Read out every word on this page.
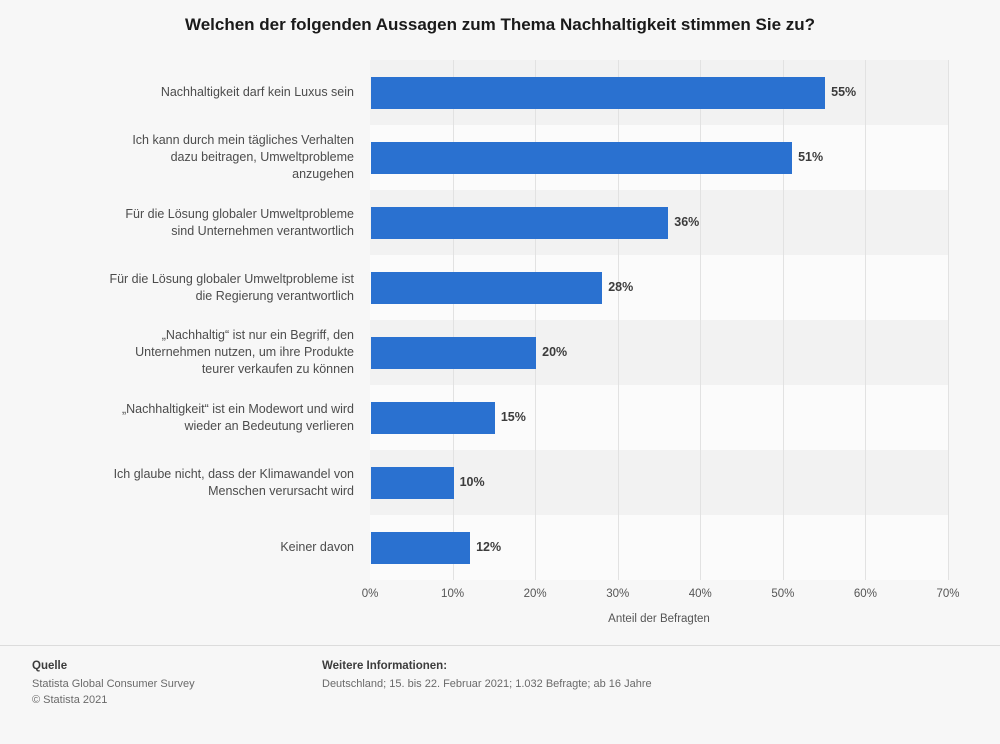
Welchen der folgenden Aussagen zum Thema Nachhaltigkeit stimmen Sie zu?
Nachhaltigkeit darf kein Luxus sein
Ich kann durch mein tägliches Verhalten
dazu beitragen, Umweltprobleme
anzugehen
Für die Lösung globaler Umweltprobleme
sind Unternehmen verantwortlich
Für die Lösung globaler Umweltprobleme ist
die Regierung verantwortlich
„Nachhaltig“ ist nur ein Begriff, den
Unternehmen nutzen, um ihre Produkte
teurer verkaufen zu können
„Nachhaltigkeit“ ist ein Modewort und wird
wieder an Bedeutung verlieren
Ich glaube nicht, dass der Klimawandel von
Menschen verursacht wird
Keiner davon
55%
51%
36%
28%
20%
15%
10%
12%
0%	10%	20%	30%	40%	50%	60%	70%
Anteil der Befragten
Quelle
Statista Global Consumer Survey
© Statista 2021
Weitere Informationen:
Deutschland; 15. bis 22. Februar 2021; 1.032 Befragte; ab 16 Jahre
